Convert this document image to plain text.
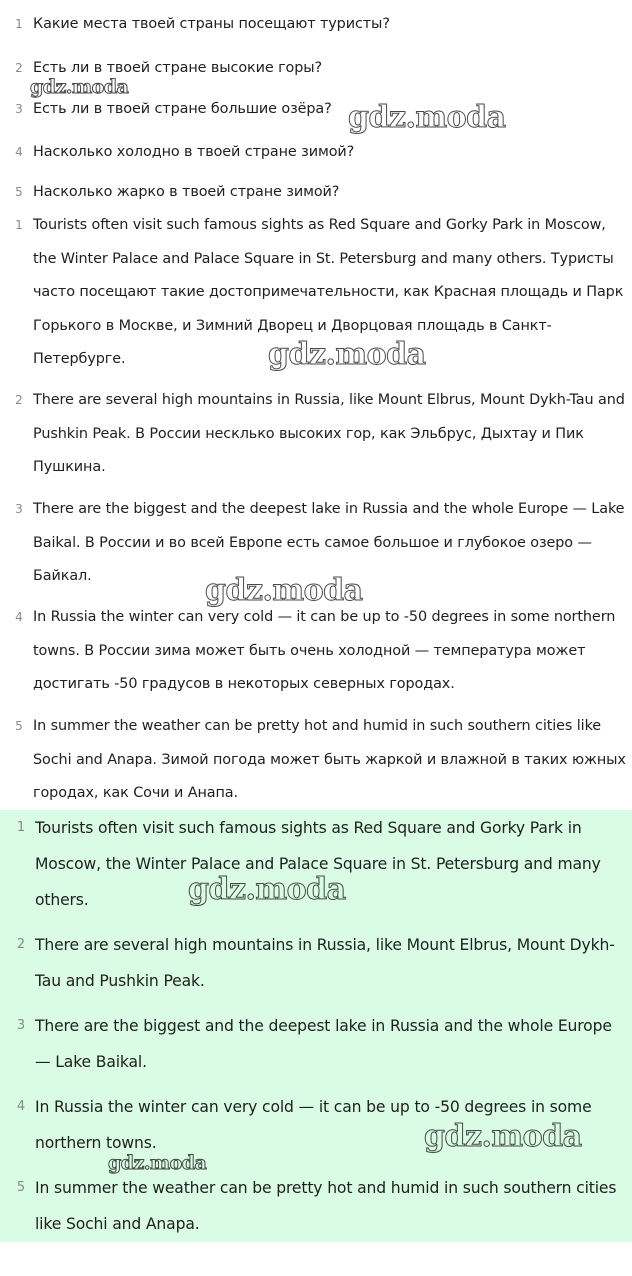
1 Какие места твоей страны посещают туристы?
2 Есть ли в твоей стране высокие горы?
3 Есть ли в твоей стране большие озёра?
4 Насколько холодно в твоей стране зимой?
5 Насколько жарко в твоей стране зимой?
1 Tourists often visit such famous sights as Red Square and Gorky Park in Moscow, the Winter Palace and Palace Square in St. Petersburg and many others. Туристы часто посещают такие достопримечательности, как Красная площадь и Парк Горького в Москве, и Зимний Дворец и Дворцовая площадь в Санкт-Петербурге.
2 There are several high mountains in Russia, like Mount Elbrus, Mount Dykh-Tau and Pushkin Peak. В России несклько высоких гор, как Эльбрус, Дыхтау и Пик Пушкина.
3 There are the biggest and the deepest lake in Russia and the whole Europe — Lake Baikal. В России и во всей Европе есть самое большое и глубокое озеро — Байкал.
4 In Russia the winter can very cold — it can be up to -50 degrees in some northern towns. В России зима может быть очень холодной — температура может достигать -50 градусов в некоторых северных городах.
5 In summer the weather can be pretty hot and humid in such southern cities like Sochi and Anapa. Зимой погода может быть жаркой и влажной в таких южных городах, как Сочи и Анапа.
1 Tourists often visit such famous sights as Red Square and Gorky Park in Moscow, the Winter Palace and Palace Square in St. Petersburg and many others.
2 There are several high mountains in Russia, like Mount Elbrus, Mount Dykh-Tau and Pushkin Peak.
3 There are the biggest and the deepest lake in Russia and the whole Europe — Lake Baikal.
4 In Russia the winter can very cold — it can be up to -50 degrees in some northern towns.
5 In summer the weather can be pretty hot and humid in such southern cities like Sochi and Anapa.
gdz.moda
gdz.moda
gdz.moda
gdz.moda
